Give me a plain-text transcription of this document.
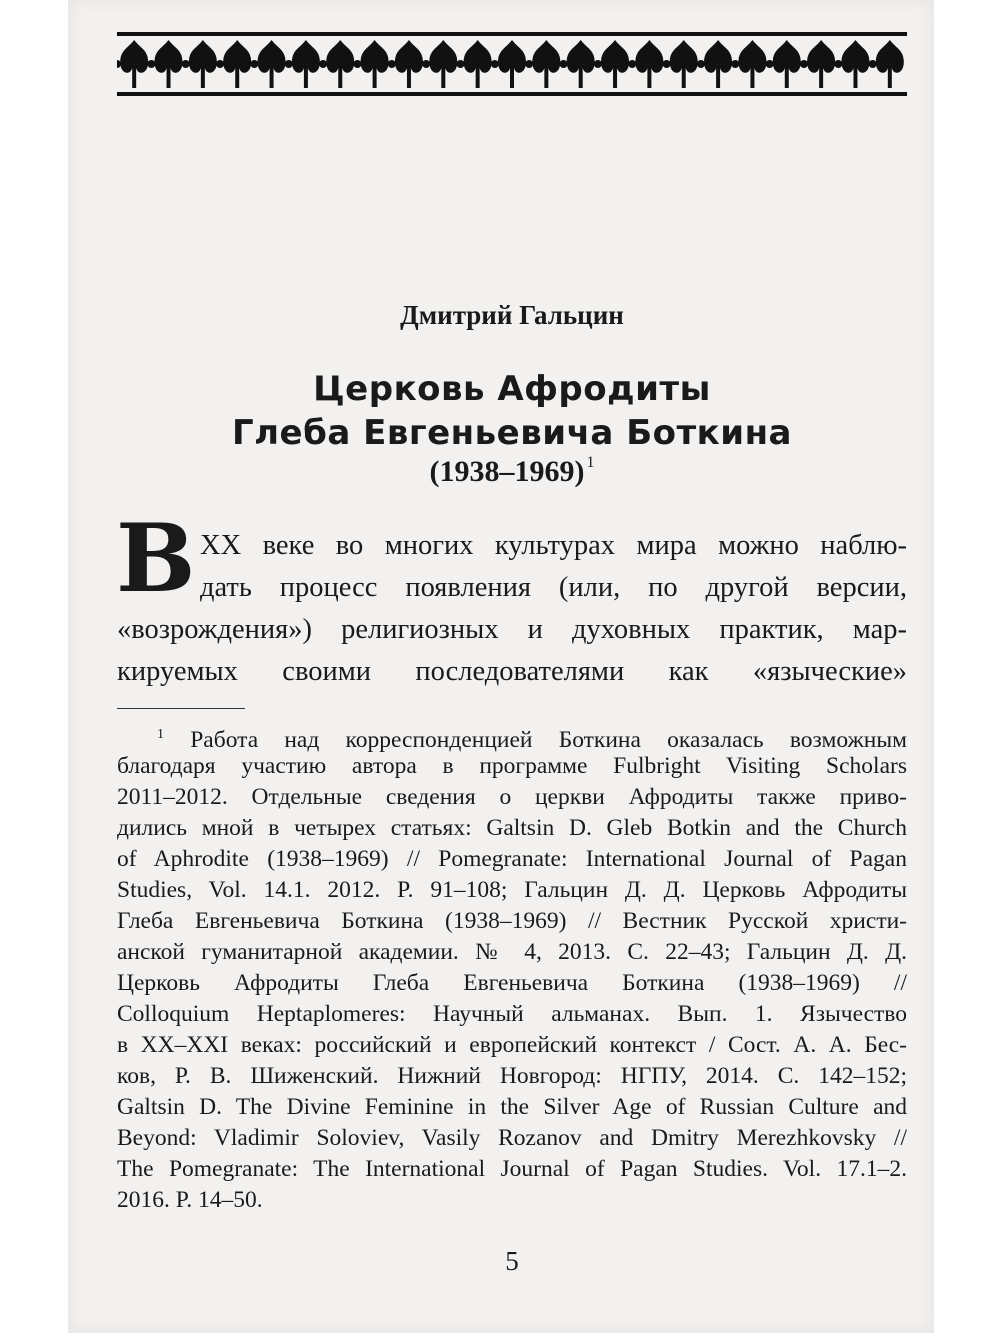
Дмитрий Гальцин
Церковь Афродиты
Глеба Евгеньевича Боткина
(1938–1969) $^1$
В XX веке во многих культурах мира можно наблю-
дать процесс появления (или, по другой версии,
«возрождения») религиозных и духовных практик, мар-
кируемых своими последователями как «языческие»
$^1$ Работа над корреспонденцией Боткина оказалась возможным
благодаря участию автора в программе Fulbright Visiting Scholars
2011–2012. Отдельные сведения о церкви Афродиты также приво-
дились мной в четырех статьях: Galtsin D. Gleb Botkin and the Church
of Aphrodite (1938–1969) // Pomegranate: International Journal of Pagan
Studies, Vol. 14.1. 2012. P. 91–108; Гальцин Д. Д. Церковь Афродиты
Глеба Евгеньевича Боткина (1938–1969) // Вестник Русской христи-
анской гуманитарной академии. № 4, 2013. С. 22–43; Гальцин Д. Д.
Церковь Афродиты Глеба Евгеньевича Боткина (1938–1969) //
Colloquium Heptaplomeres: Научный альманах. Вып. 1. Язычество
в XX–XXI веках: российский и европейский контекст / Сост. А. А. Бес-
ков, Р. В. Шиженский. Нижний Новгород: НГПУ, 2014. С. 142–152;
Galtsin D. The Divine Feminine in the Silver Age of Russian Culture and
Beyond: Vladimir Soloviev, Vasily Rozanov and Dmitry Merezhkovsky //
The Pomegranate: The International Journal of Pagan Studies. Vol. 17.1–2.
2016. P. 14–50.
5
